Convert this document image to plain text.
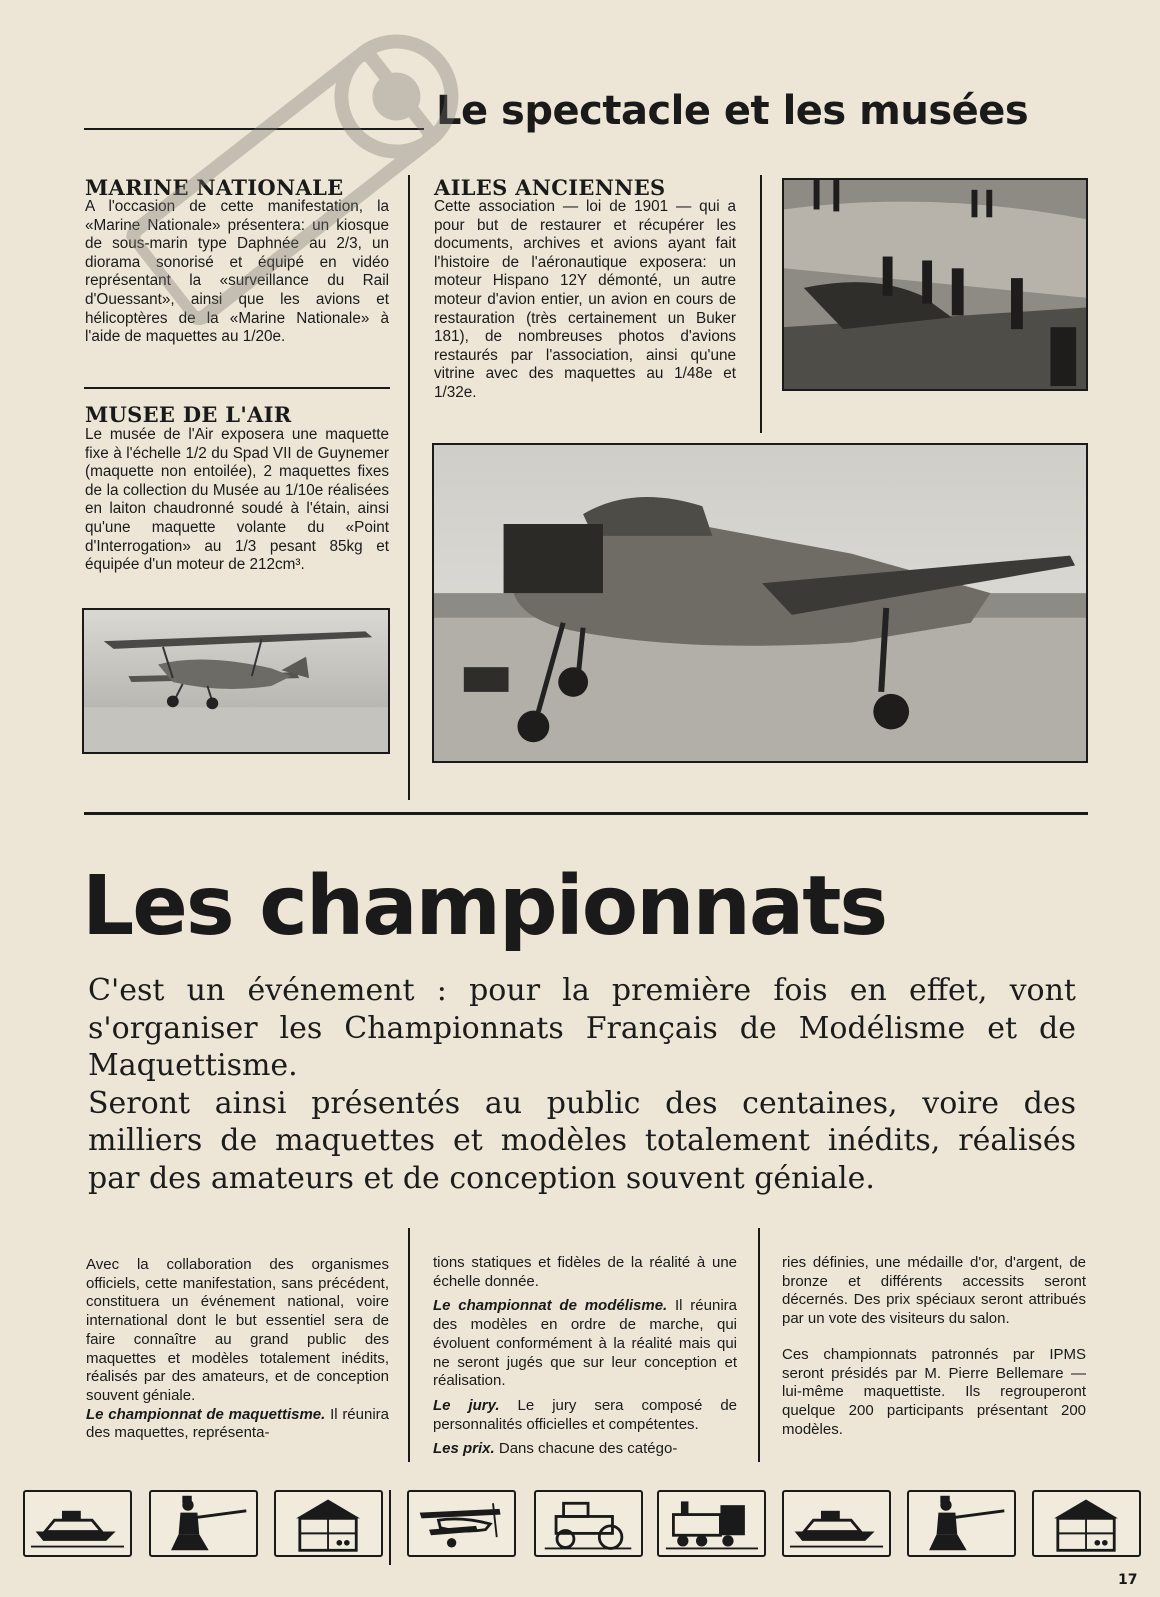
Le spectacle et les musées
MARINE NATIONALE

A l'occasion de cette manifestation, la «Marine Nationale» présentera: un kiosque de sous-marin type Daphnée au 2/3, un diorama sonorisé et équipé en vidéo représentant la «surveillance du Rail d'Ouessant», ainsi que les avions et hélicoptères de la «Marine Nationale» à l'aide de maquettes au 1/20e.

MUSEE DE L'AIR

Le musée de l'Air exposera une maquette fixe à l'échelle 1/2 du Spad VII de Guynemer (maquette non entoilée), 2 maquettes fixes de la collection du Musée au 1/10e réalisées en laiton chaudronné soudé à l'étain, ainsi qu'une maquette volante du «Point d'Interrogation» au 1/3 pesant 85kg et équipée d'un moteur de 212cm³.

AILES ANCIENNES

Cette association — loi de 1901 — qui a pour but de restaurer et récupérer les documents, archives et avions ayant fait l'histoire de l'aéronautique exposera: un moteur Hispano 12Y démonté, un autre moteur d'avion entier, un avion en cours de restauration (très certainement un Buker 181), de nombreuses photos d'avions restaurés par l'association, ainsi qu'une vitrine avec des maquettes au 1/48e et 1/32e.

Les championnats

C'est un événement : pour la première fois en effet, vont s'organiser les Championnats Français de Modélisme et de Maquettisme.

Seront ainsi présentés au public des centaines, voire des milliers de maquettes et modèles totalement inédits, réalisés par des amateurs et de conception souvent géniale.

Avec la collaboration des organismes officiels, cette manifestation, sans précédent, constituera un événement national, voire international dont le but essentiel sera de faire connaître au grand public des maquettes et modèles totalement inédits, réalisés par des amateurs, et de conception souvent géniale.
Le championnat de maquettisme. Il réunira des maquettes, représenta-

tions statiques et fidèles de la réalité à une échelle donnée.

Le championnat de modélisme. Il réunira des modèles en ordre de marche, qui évoluent conformément à la réalité mais qui ne seront jugés que sur leur conception et réalisation.

Le jury. Le jury sera composé de personnalités officielles et compétentes.

Les prix. Dans chacune des catégo-

ries définies, une médaille d'or, d'argent, de bronze et différents accessits seront décernés. Des prix spéciaux seront attribués par un vote des visiteurs du salon.

Ces championnats patronnés par IPMS seront présidés par M. Pierre Bellemare — lui-même maquettiste. Ils regrouperont quelque 200 participants présentant 200 modèles.

17
